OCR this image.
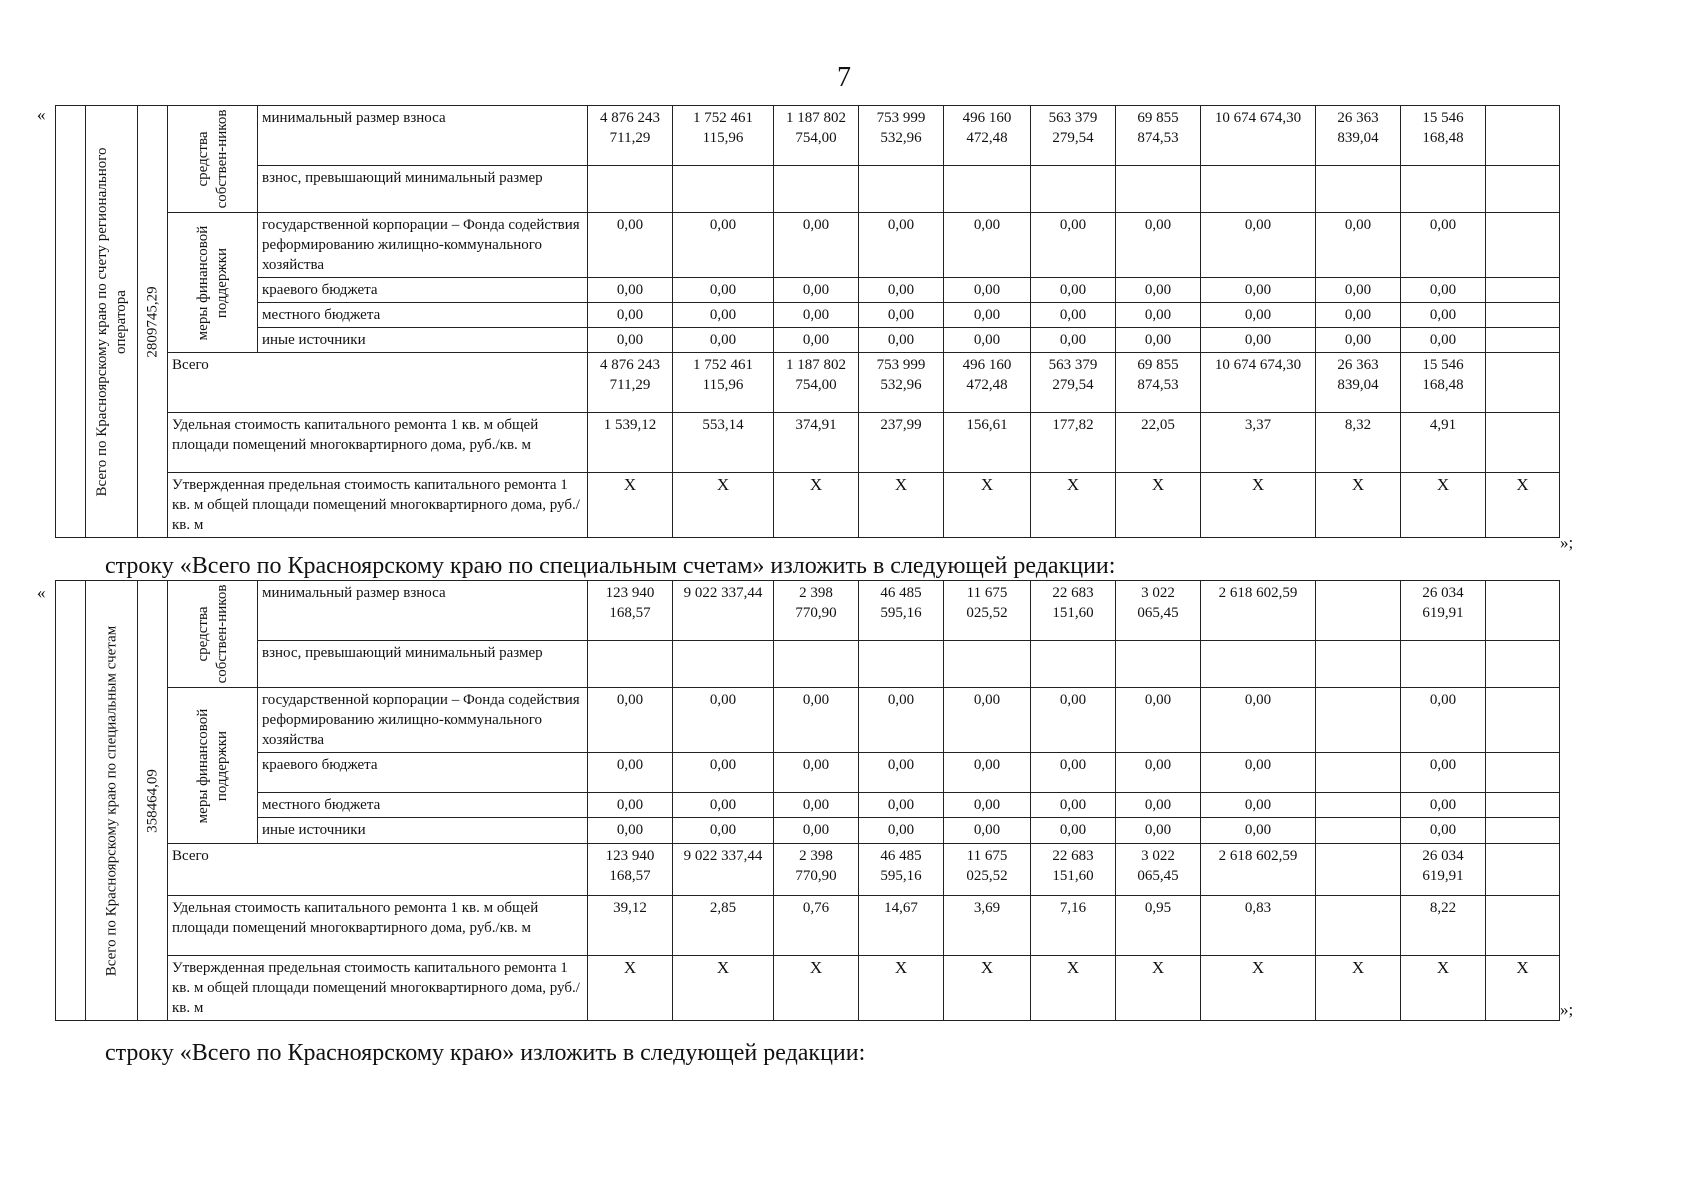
7
«
»;
строку «Всего по Красноярскому краю по специальным счетам» изложить в следующей редакции:
«
»;
строку «Всего по Красноярскому краю» изложить в следующей редакции:

	Всего по Красноярскому краю по счету регионального оператора	2809745,29	средства собствен-ников	минимальный размер взноса	4 876 243 711,29	1 752 461 115,96	1 187 802 754,00	753 999 532,96	496 160 472,48	563 379 279,54	69 855 874,53	10 674 674,30	26 363 839,04	15 546 168,48	
				взнос, превышающий минимальный размер											

			меры финансовой поддержки	государственной корпорации – Фонда содействия реформированию жилищно-коммунального хозяйства	0,00	0,00	0,00	0,00	0,00	0,00	0,00	0,00	0,00	0,00	
				краевого бюджета	0,00	0,00	0,00	0,00	0,00	0,00	0,00	0,00	0,00	0,00	
				местного бюджета	0,00	0,00	0,00	0,00	0,00	0,00	0,00	0,00	0,00	0,00	
				иные источники	0,00	0,00	0,00	0,00	0,00	0,00	0,00	0,00	0,00	0,00	
			Всего		4 876 243 711,29	1 752 461 115,96	1 187 802 754,00	753 999 532,96	496 160 472,48	563 379 279,54	69 855 874,53	10 674 674,30	26 363 839,04	15 546 168,48	
			Удельная стоимость капитального ремонта 1 кв. м общей площади помещений многоквартирного дома, руб./кв. м		1 539,12	553,14	374,91	237,99	156,61	177,82	22,05	3,37	8,32	4,91	
			Утвержденная предельная стоимость капитального ремонта 1 кв. м общей площади помещений многоквартирного дома, руб./кв. м		X	X	X	X	X	X	X	X	X	X	X

	Всего по Красноярскому краю по специальным счетам	358464,09	средства собствен-ников	минимальный размер взноса	123 940 168,57	9 022 337,44	2 398 770,90	46 485 595,16	11 675 025,52	22 683 151,60	3 022 065,45	2 618 602,59		26 034 619,91	
				взнос, превышающий минимальный размер											

			меры финансовой поддержки	государственной корпорации – Фонда содействия реформированию жилищно-коммунального хозяйства	0,00	0,00	0,00	0,00	0,00	0,00	0,00	0,00		0,00	
				краевого бюджета	0,00	0,00	0,00	0,00	0,00	0,00	0,00	0,00		0,00	
				местного бюджета	0,00	0,00	0,00	0,00	0,00	0,00	0,00	0,00		0,00	
				иные источники	0,00	0,00	0,00	0,00	0,00	0,00	0,00	0,00		0,00	
			Всего		123 940 168,57	9 022 337,44	2 398 770,90	46 485 595,16	11 675 025,52	22 683 151,60	3 022 065,45	2 618 602,59		26 034 619,91	
			Удельная стоимость капитального ремонта 1 кв. м общей площади помещений многоквартирного дома, руб./кв. м		39,12	2,85	0,76	14,67	3,69	7,16	0,95	0,83		8,22	
			Утвержденная предельная стоимость капитального ремонта 1 кв. м общей площади помещений многоквартирного дома, руб./кв. м		X	X	X	X	X	X	X	X	X	X	X
